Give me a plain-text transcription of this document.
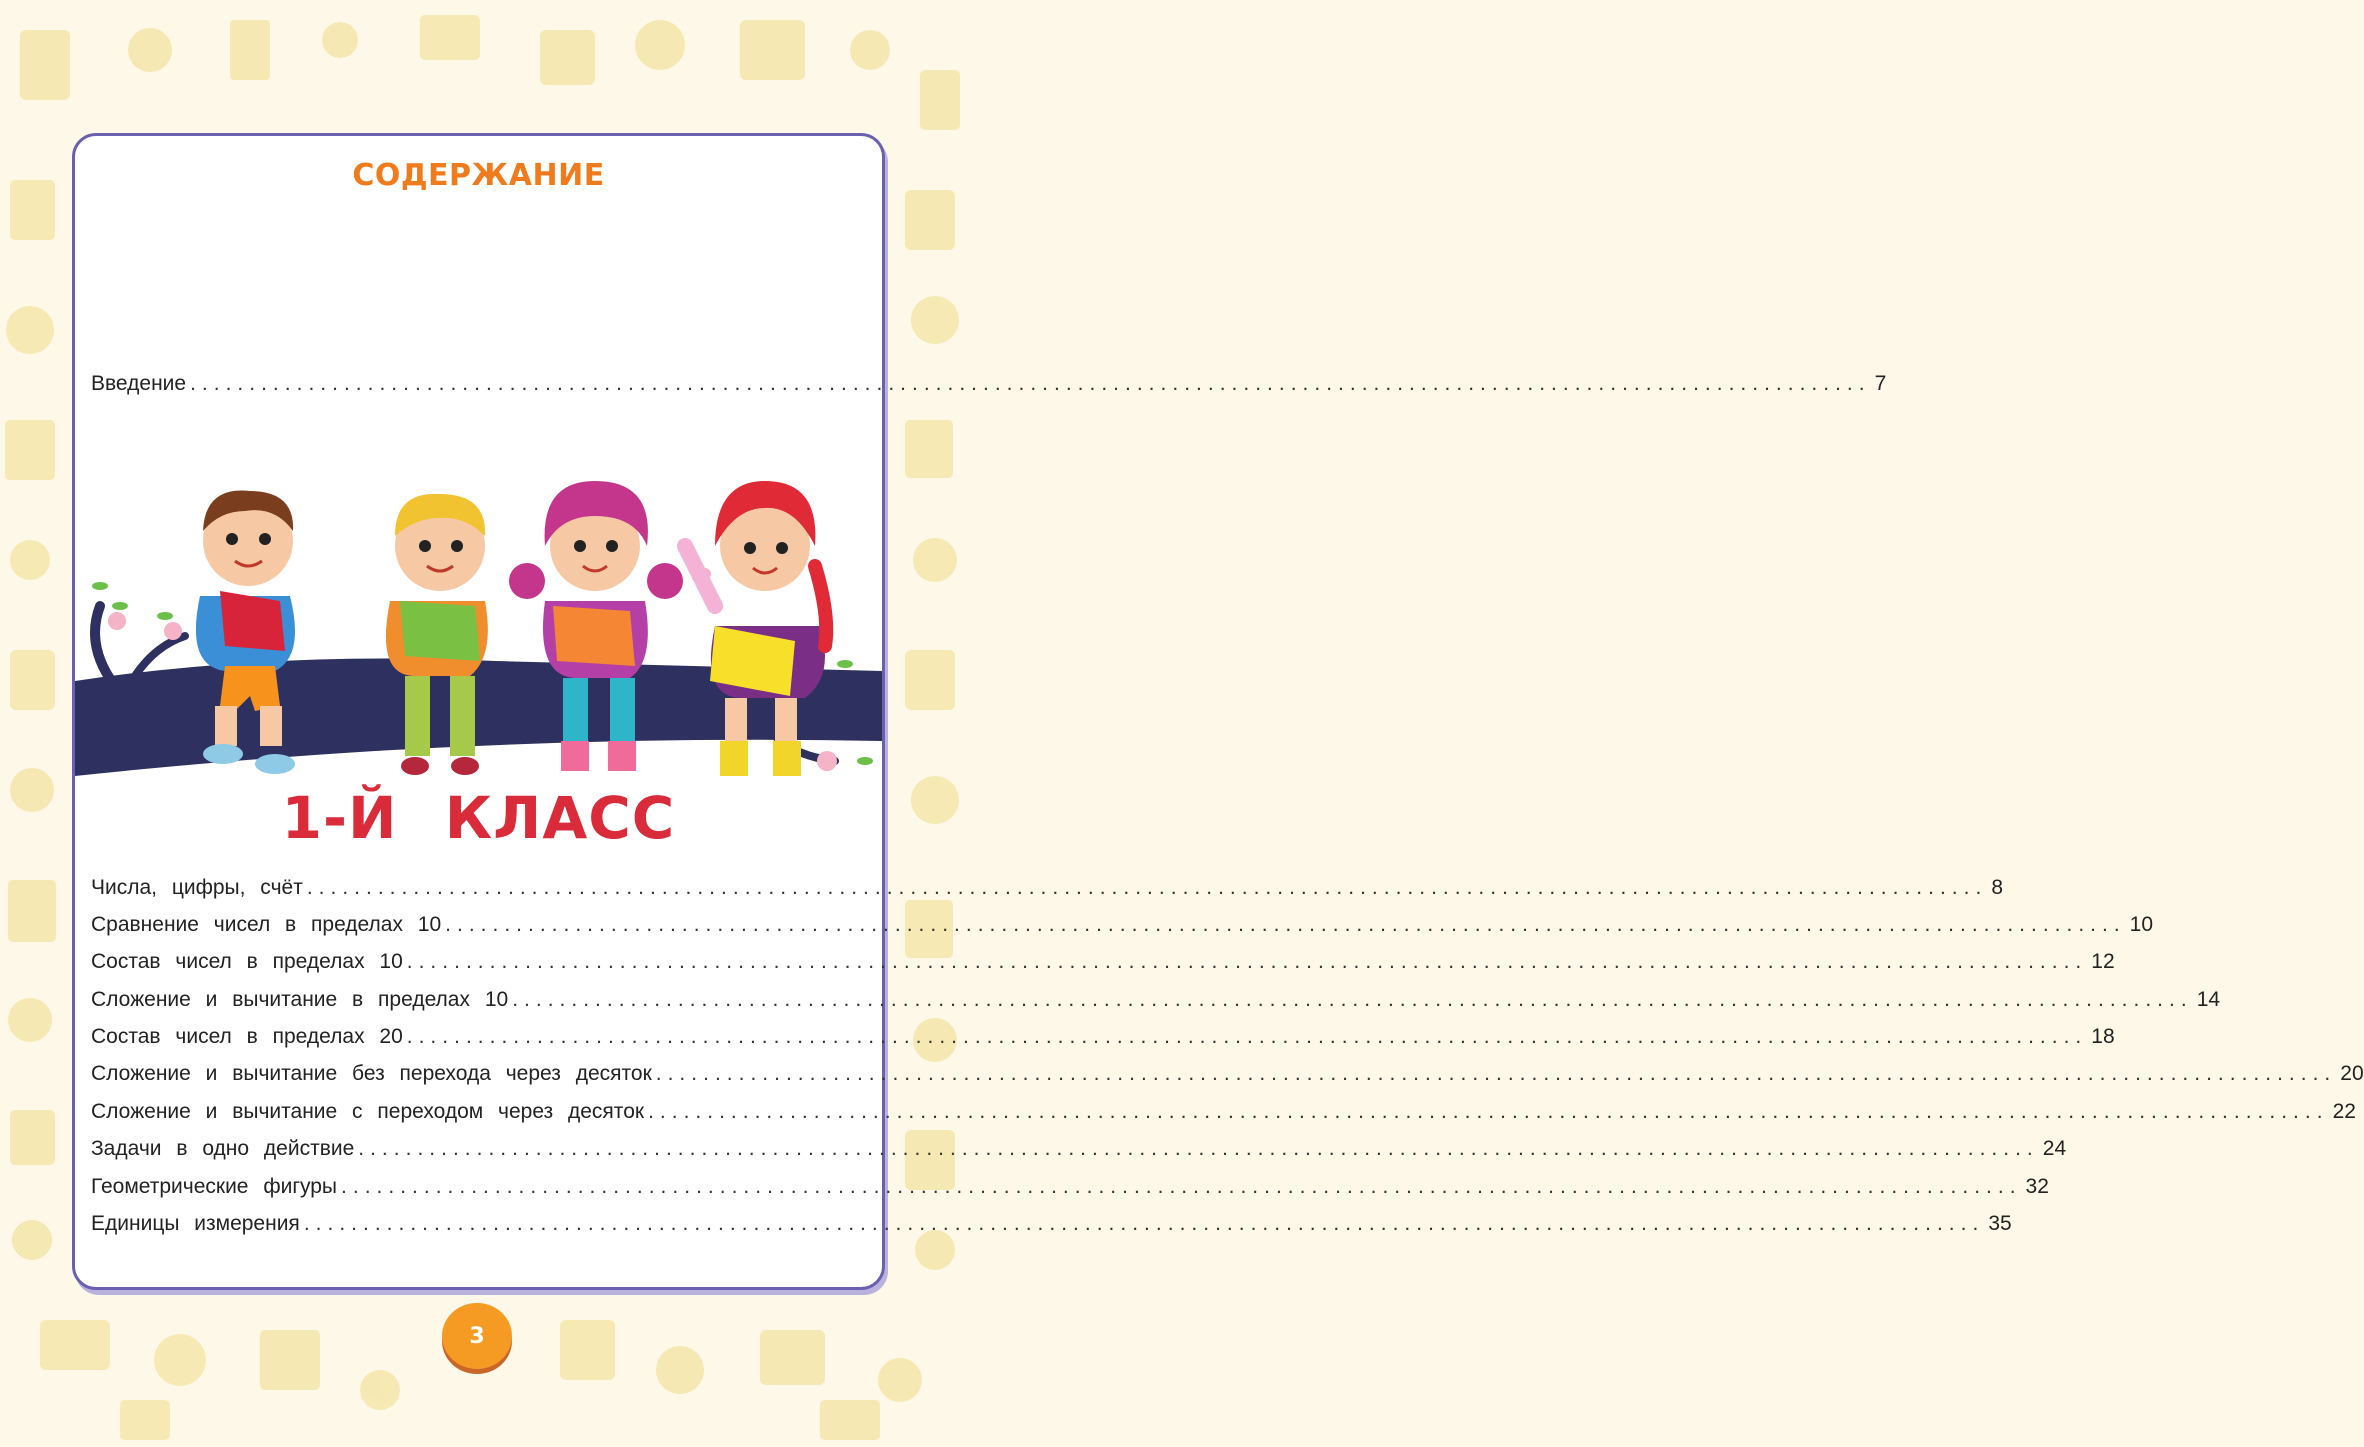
СОДЕРЖАНИЕ
Введение .............................................................................................................................................. 7
1-Й КЛАСС
Числа, цифры, счёт .............................................................................................................................................. 8
Сравнение чисел в пределах 10 .............................................................................................................................................. 10
Состав чисел в пределах 10 .............................................................................................................................................. 12
Сложение и вычитание в пределах 10 .............................................................................................................................................. 14
Состав чисел в пределах 20 .............................................................................................................................................. 18
Сложение и вычитание без перехода через десяток .............................................................................................................................................. 20
Сложение и вычитание с переходом через десяток .............................................................................................................................................. 22
Задачи в одно действие .............................................................................................................................................. 24
Геометрические фигуры .............................................................................................................................................. 32
Единицы измерения .............................................................................................................................................. 35
3
